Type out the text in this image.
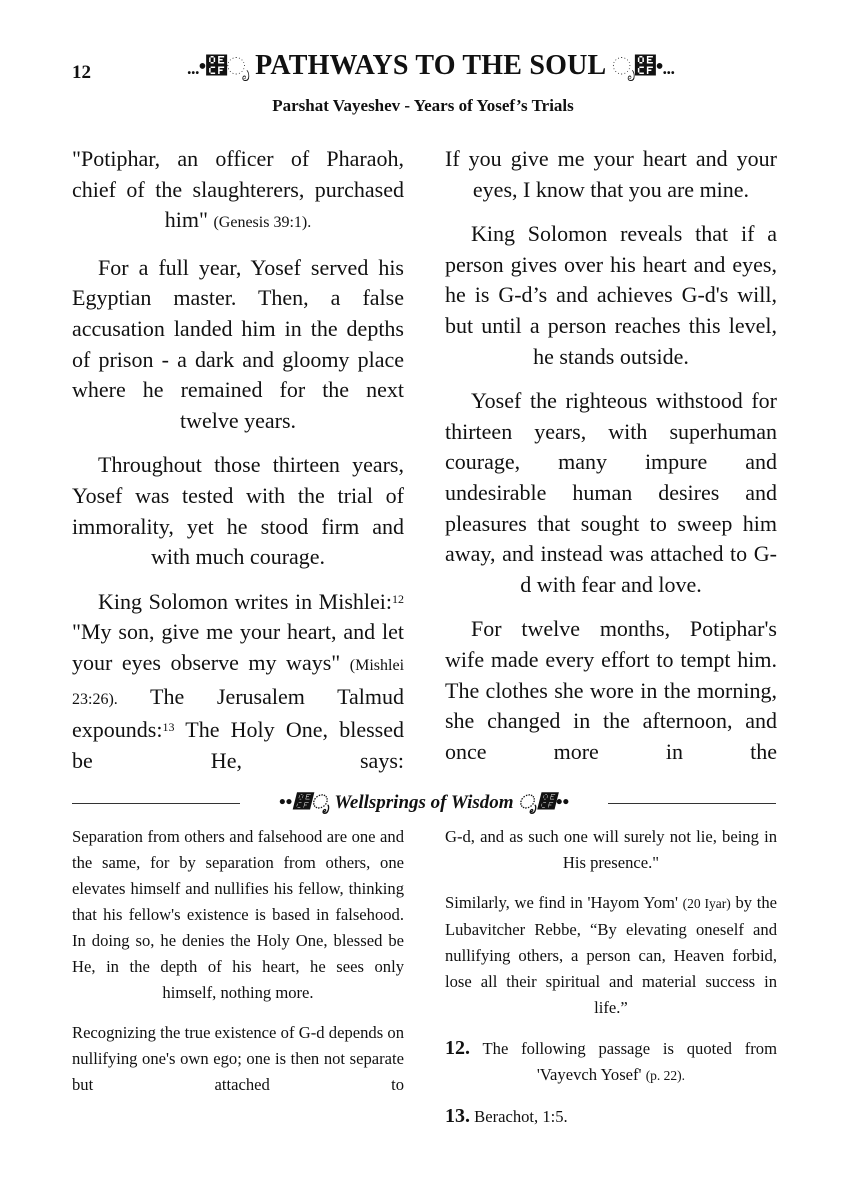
12	...•໏ೃ PATHWAYS TO THE SOUL ೃ໏•...
Parshat Vayeshev - Years of Yosef’s Trials

"Potiphar, an officer of Pharaoh, chief of the slaughterers, purchased him" (Genesis 39:1).

For a full year, Yosef served his Egyptian master. Then, a false accusation landed him in the depths of prison - a dark and gloomy place where he remained for the next twelve years.

Throughout those thirteen years, Yosef was tested with the trial of immorality, yet he stood firm and with much courage.

King Solomon writes in Mishlei:$^{12}$ "My son, give me your heart, and let your eyes observe my ways" (Mishlei 23:26). The Jerusalem Talmud expounds:$^{13}$ The Holy One, blessed be He, says:

If you give me your heart and your eyes, I know that you are mine.

King Solomon reveals that if a person gives over his heart and eyes, he is G-d’s and achieves G-d's will, but until a person reaches this level, he stands outside.

Yosef the righteous withstood for thirteen years, with superhuman courage, many impure and undesirable human desires and pleasures that sought to sweep him away, and instead was attached to G-d with fear and love.

For twelve months, Potiphar's wife made every effort to tempt him. The clothes she wore in the morning, she changed in the afternoon, and once more in the

••໏ೃ Wellsprings of Wisdom ೃ໏••

Separation from others and falsehood are one and the same, for by separation from others, one elevates himself and nullifies his fellow, thinking that his fellow's existence is based in falsehood. In doing so, he denies the Holy One, blessed be He, in the depth of his heart, he sees only himself, nothing more.

Recognizing the true existence of G-d depends on nullifying one's own ego; one is then not separate but attached to

G-d, and as such one will surely not lie, being in His presence."

Similarly, we find in 'Hayom Yom' (20 Iyar) by the Lubavitcher Rebbe, “By elevating oneself and nullifying others, a person can, Heaven forbid, lose all their spiritual and material success in life.”

12. The following passage is quoted from 'Vayevch Yosef' (p. 22).

13. Berachot, 1:5.
